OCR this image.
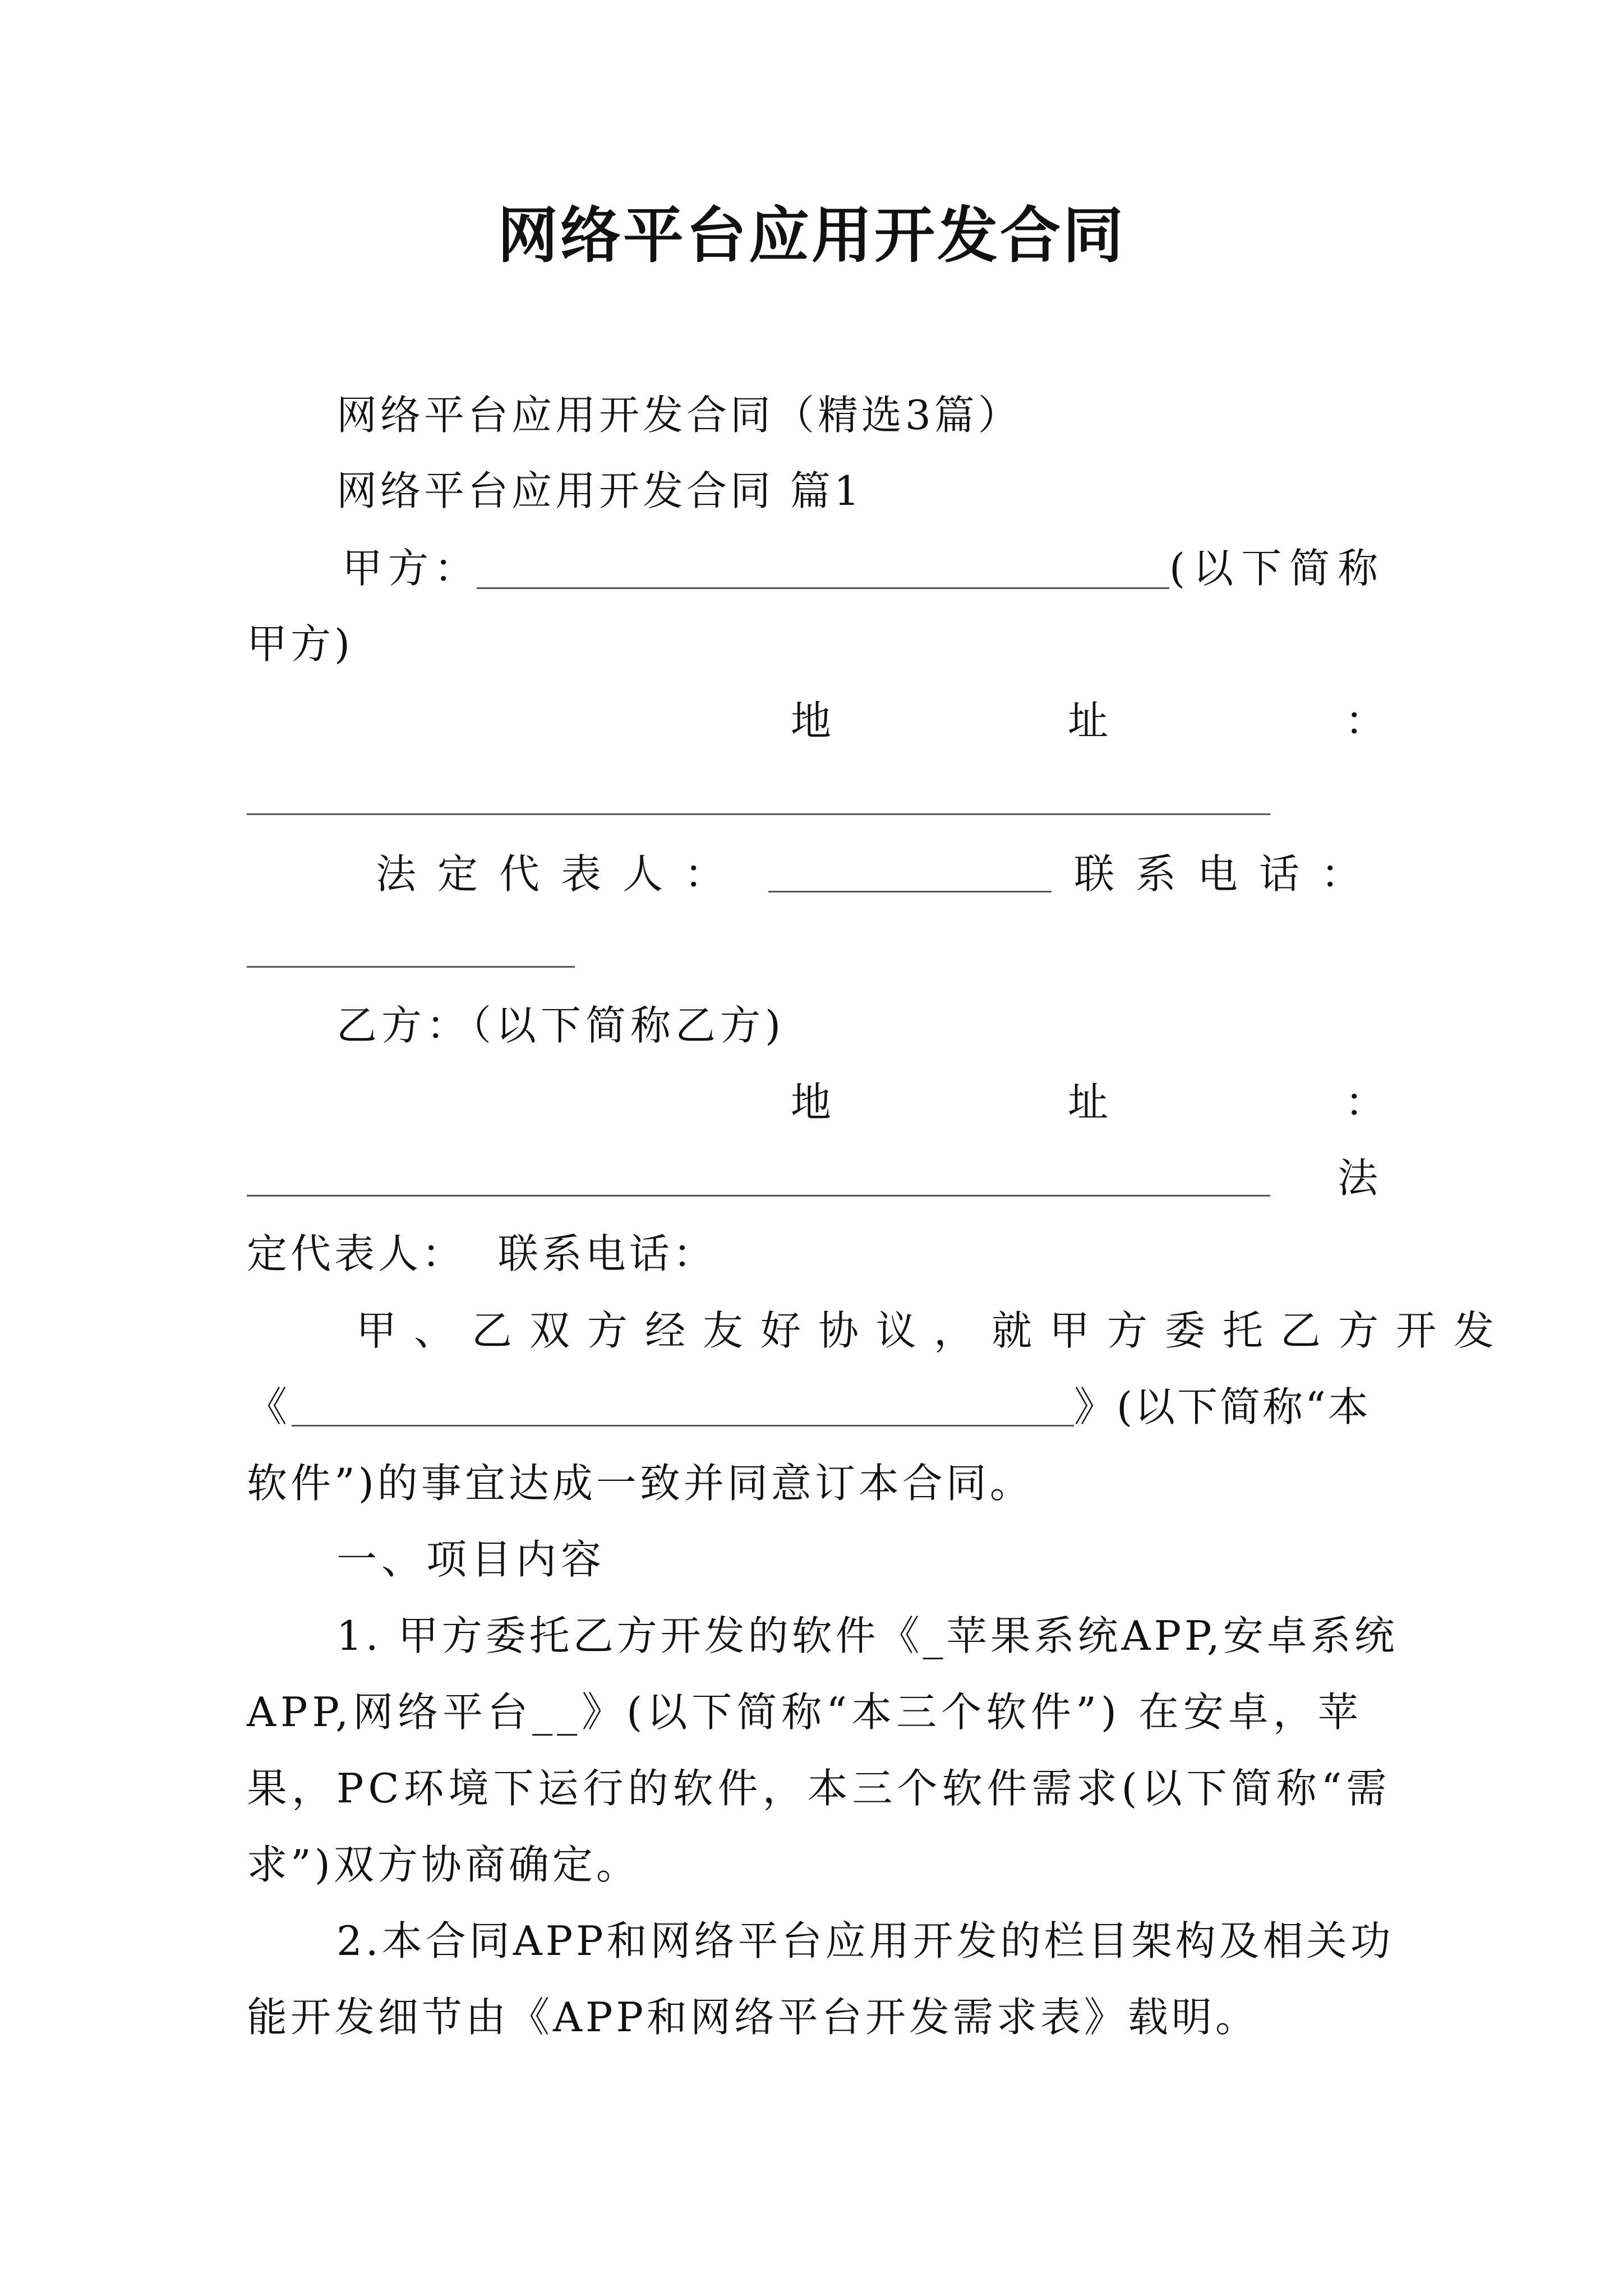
网络平台应用开发合同
网络平台应用开发合同（精选3篇）
网络平台应用开发合同 篇1
甲方：	(以下简称
甲方)
地	址	：
法定代表人：	联系电话：
乙方：（以下简称乙方)
地	址	：
法
定代表人：  联系电话：
甲、乙双方经友好协议，就甲方委托乙方开发
《	》(以下简称“本
软件”)的事宜达成一致并同意订本合同。
一、项目内容
1. 甲方委托乙方开发的软件《_苹果系统APP,安卓系统
APP,网络平台__》(以下简称“本三个软件”) 在安卓，苹
果，PC环境下运行的软件，本三个软件需求(以下简称“需
求”)双方协商确定。
2.本合同APP和网络平台应用开发的栏目架构及相关功
能开发细节由《APP和网络平台开发需求表》载明。
